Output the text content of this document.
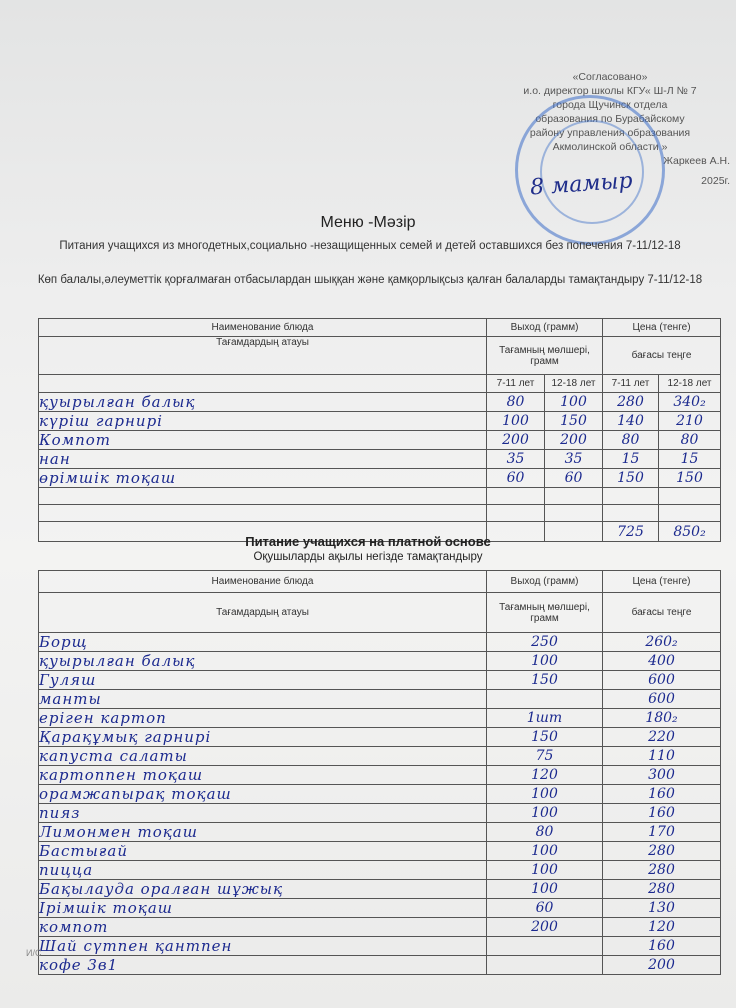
«Согласовано»
и.о. директор школы КГУ« Ш-Л № 7
города Щучинск отдела
образования по Бурабайскому
району управления образования
Акмолинской области »
Жаркеев А.Н.
2025г.
8 мамыр
Меню -Мәзір
Питания учащихся из многодетных,социально -незащищенных семей и детей оставшихся без попечения 7-11/12-18
Көп балалы,әлеуметтік қорғалмаған отбасылардан шыққан және қамқорлықсыз қалған балаларды тамақтандыру 7-11/12-18
Наименование блюда	Выход (грамм)		Цена (тенге)	
Тағамдардың атауы	Тағамның мөлшері, грамм		бағасы теңге	
	7-11 лет	12-18 лет	7-11 лет	12-18 лет
қуырылған балық	80	100	280	340₂
күріш гарнирі	100	150	140	210
Компот	200	200	80	80
нан	35	35	15	15
өрімшік тоқаш	60	60	150	150

			725	850₂
Питание учащихся на платной основе
Оқушыларды ақылы негізде тамақтандыру
Наименование блюда	Выход (грамм)	Цена (тенге)
Тағамдардың атауы	Тағамның мөлшері, грамм	бағасы теңге
Борщ	250	260₂
қуырылған балық	100	400
Гуляш	150	600
манты		600
еріген картоп	1шт	180₂
Қарақұмық гарнирі	150	220
капуста салаты	75	110
картоппен тоқаш	120	300
орамжапырақ тоқаш	100	160
пияз	100	160
Лимонмен тоқаш	80	170
Бастығай	100	280
пицца	100	280
Бақылауда оралған шұжық	100	280
Ірімшік тоқаш	60	130
компот	200	120
Шай сүтпен қантпен		160
кофе 3в1		200
И/С
